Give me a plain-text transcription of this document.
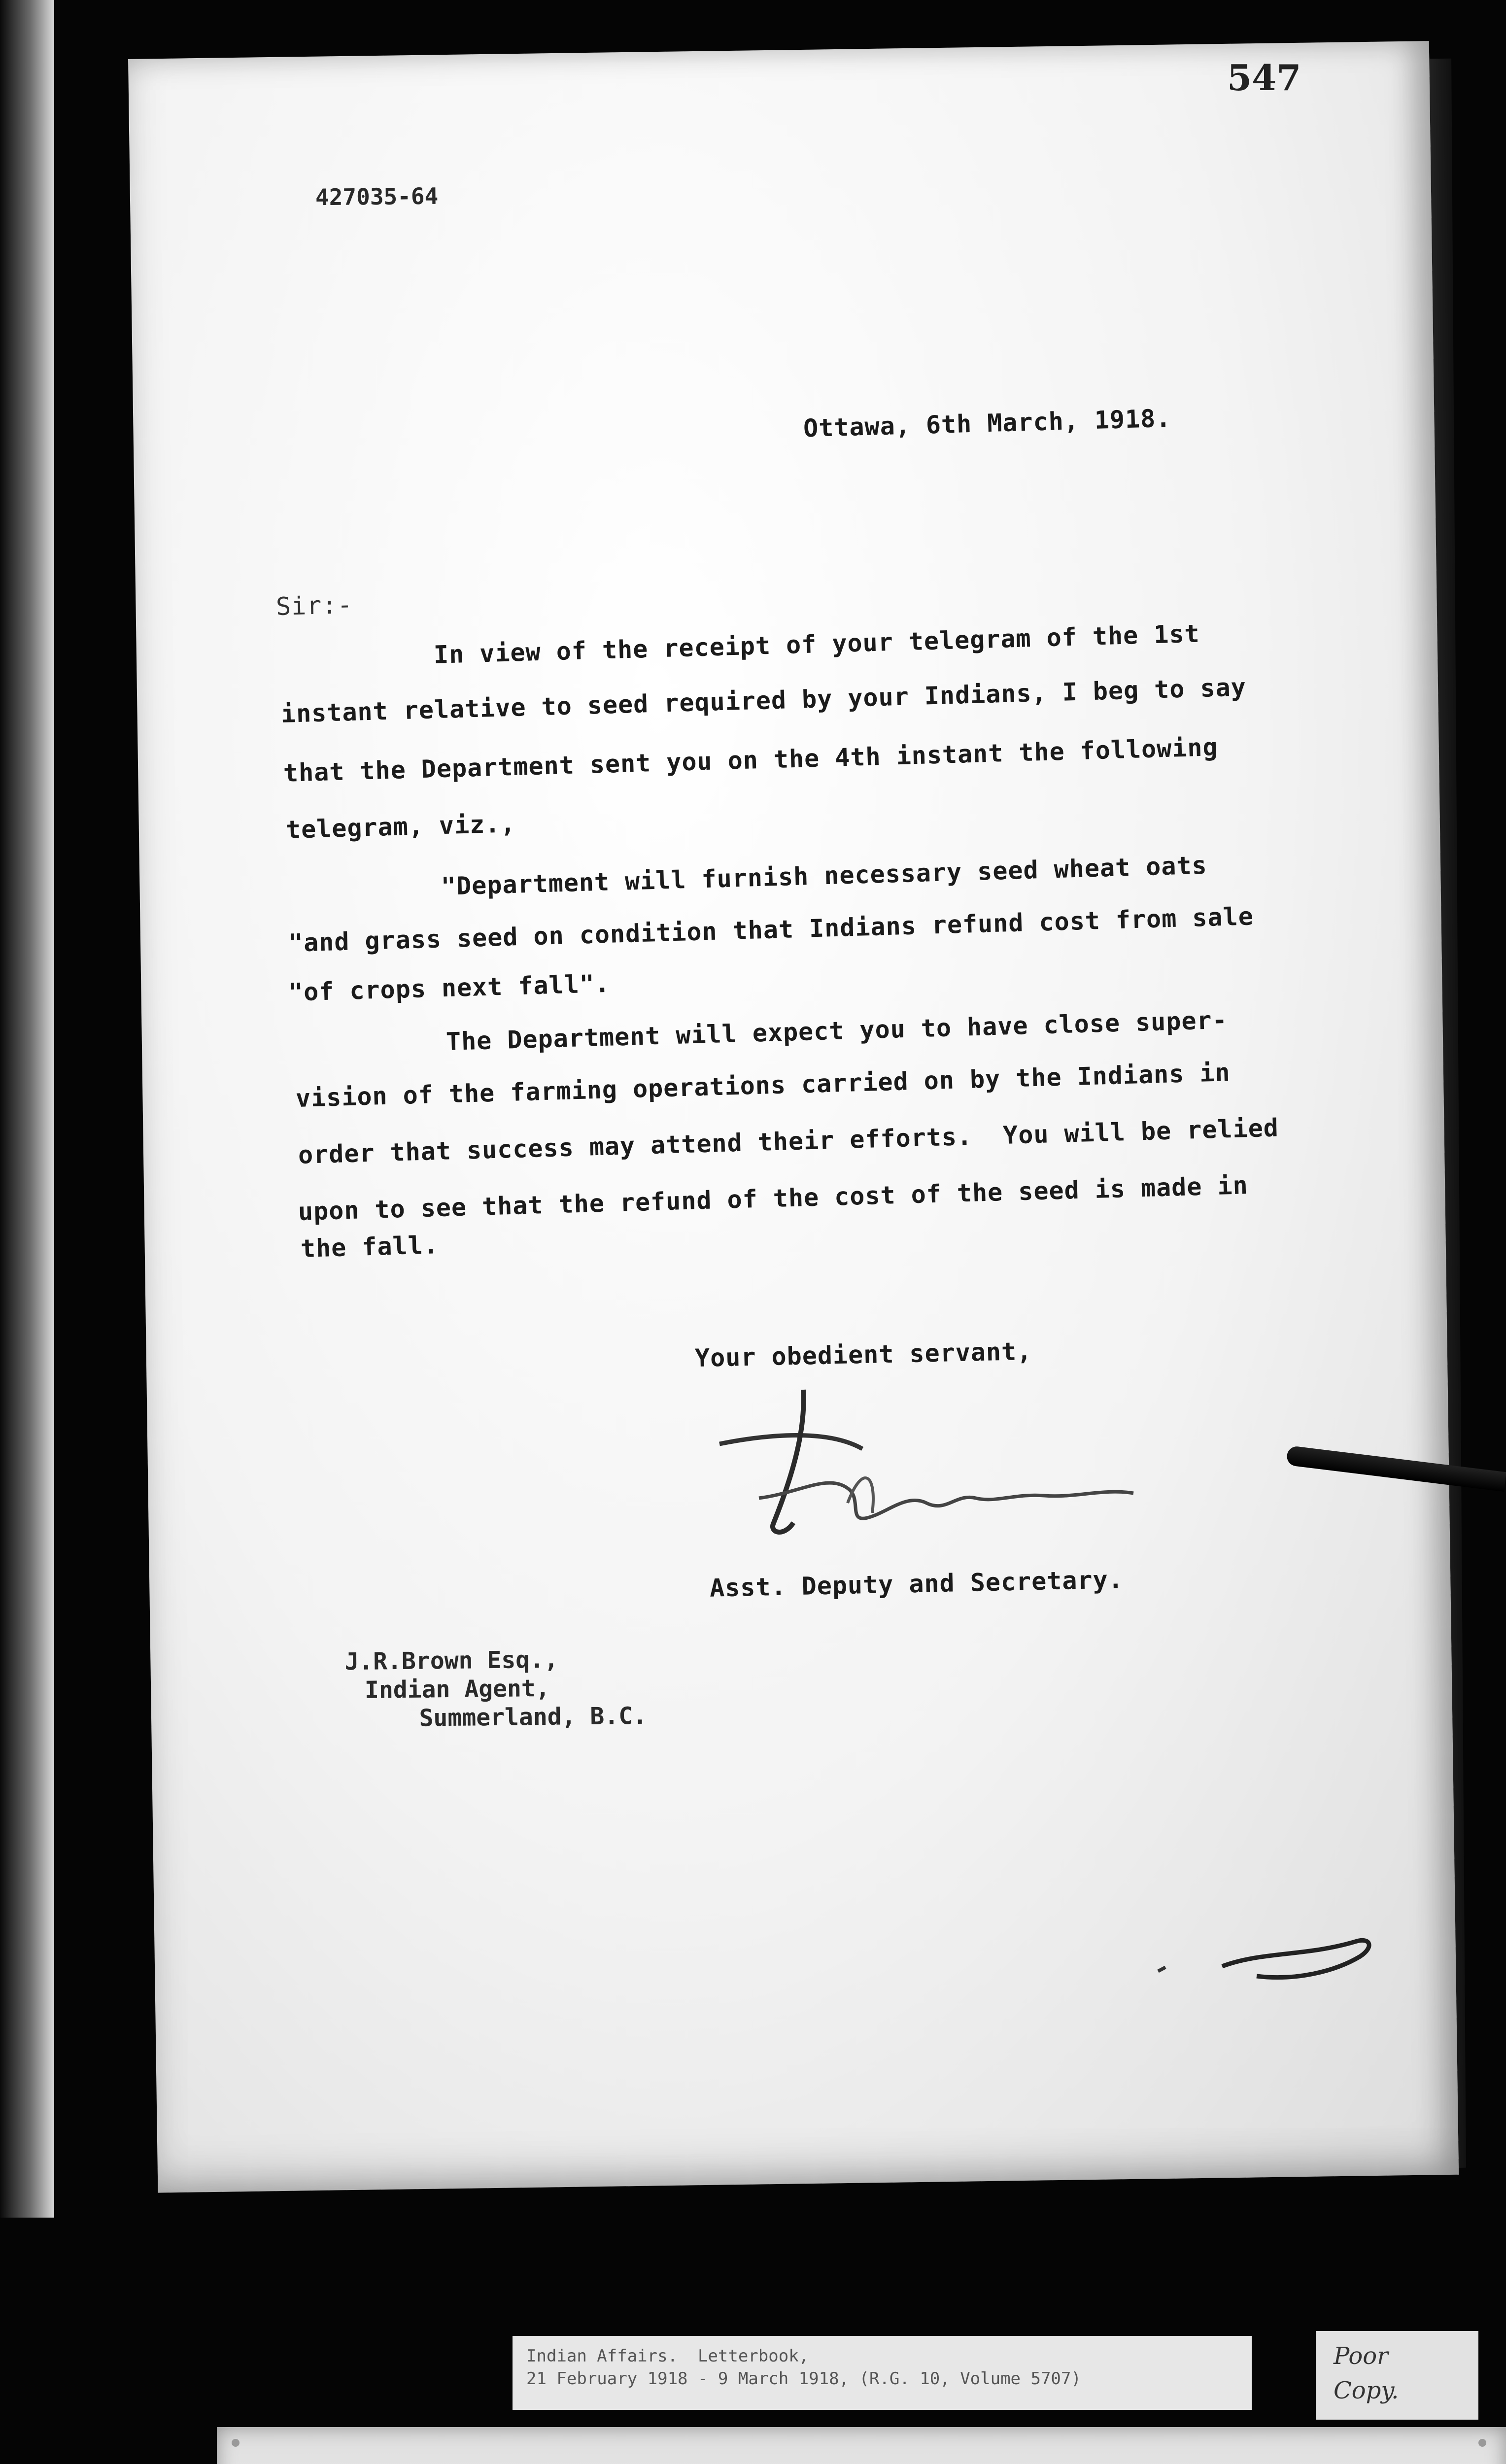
547
427035-64
Ottawa, 6th March, 1918.
Sir:-
In view of the receipt of your telegram of the 1st
instant relative to seed required by your Indians, I beg to say
that the Department sent you on the 4th instant the following
telegram, viz.,
"Department will furnish necessary seed wheat oats
"and grass seed on condition that Indians refund cost from sale
"of crops next fall".
The Department will expect you to have close super-
vision of the farming operations carried on by the Indians in
order that success may attend their efforts.  You will be relied
upon to see that the refund of the cost of the seed is made in
the fall.
Your obedient servant,
Asst. Deputy and Secretary.
J.R.Brown Esq.,
Indian Agent,
Summerland, B.C.
Indian Affairs.  Letterbook,
21 February 1918 - 9 March 1918, (R.G. 10, Volume 5707)
Poor
Copy.
